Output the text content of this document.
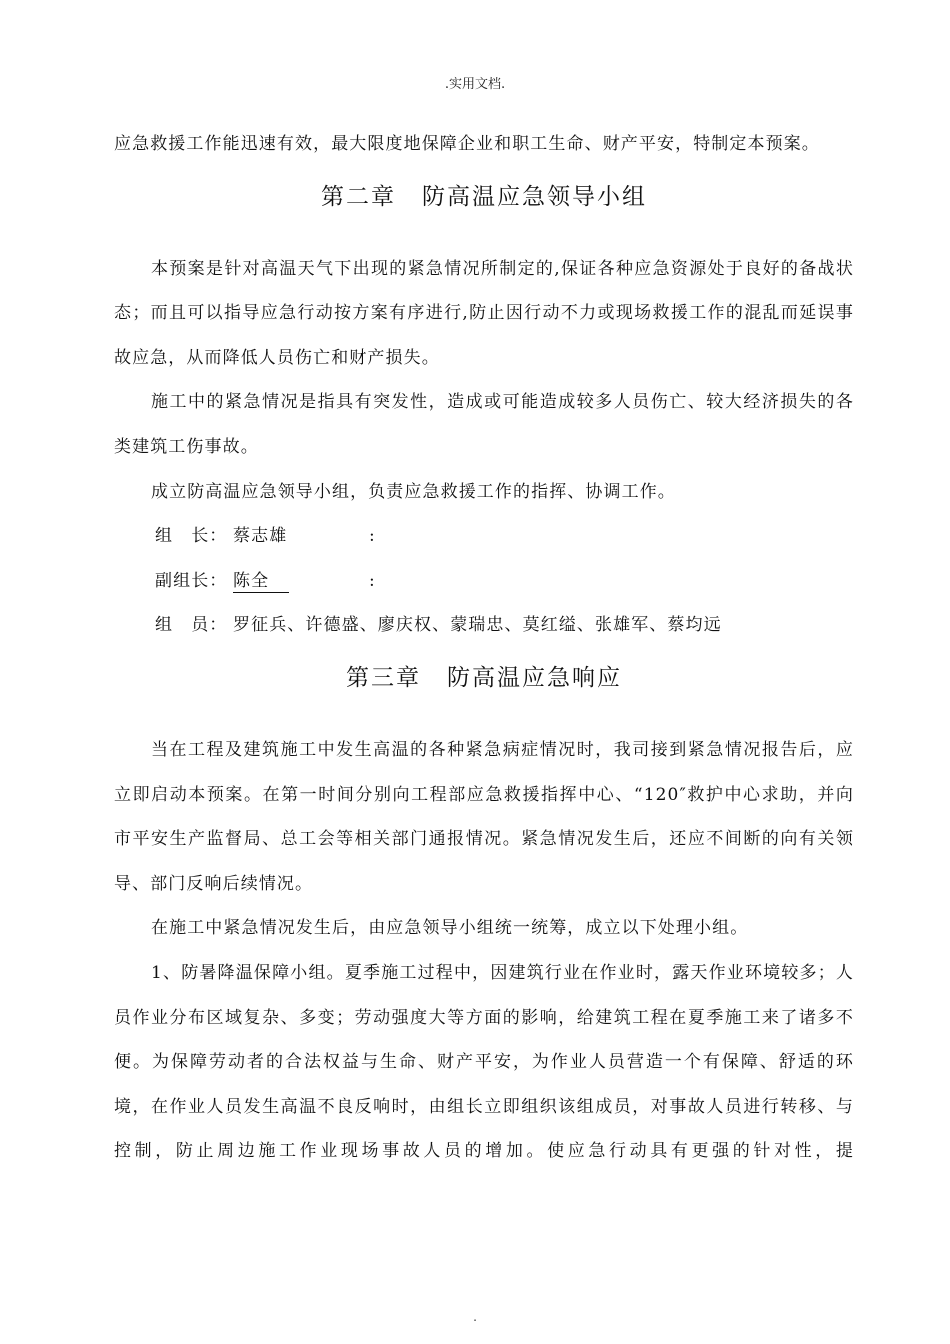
.实用文档.

应急救援工作能迅速有效，最大限度地保障企业和职工生命、财产平安，特制定本预案。

第二章 防高温应急领导小组

本预案是针对高温天气下出现的紧急情况所制定的,保证各种应急资源处于良好的备战状态；而且可以指导应急行动按方案有序进行,防止因行动不力或现场救援工作的混乱而延误事故应急，从而降低人员伤亡和财产损失。

施工中的紧急情况是指具有突发性，造成或可能造成较多人员伤亡、较大经济损失的各类建筑工伤事故。

成立防高温应急领导小组，负责应急救援工作的指挥、协调工作。

组　长： 蔡志雄	:
副组长： 陈全	:
组　员： 罗征兵、许德盛、廖庆权、蒙瑞忠、莫红缢、张雄军、蔡均远
第三章 防高温应急响应

当在工程及建筑施工中发生高温的各种紧急病症情况时，我司接到紧急情况报告后，应立即启动本预案。在第一时间分别向工程部应急救援指挥中心、“120″救护中心求助，并向市平安生产监督局、总工会等相关部门通报情况。紧急情况发生后，还应不间断的向有关领导、部门反响后续情况。

在施工中紧急情况发生后，由应急领导小组统一统筹，成立以下处理小组。

1、防暑降温保障小组。夏季施工过程中，因建筑行业在作业时，露天作业环境较多；人员作业分布区域复杂、多变；劳动强度大等方面的影响，给建筑工程在夏季施工来了诸多不便。为保障劳动者的合法权益与生命、财产平安，为作业人员营造一个有保障、舒适的环境，在作业人员发生高温不良反响时，由组长立即组织该组成员，对事故人员进行转移、与控制，防止周边施工作业现场事故人员的增加。使应急行动具有更强的针对性，提

.
